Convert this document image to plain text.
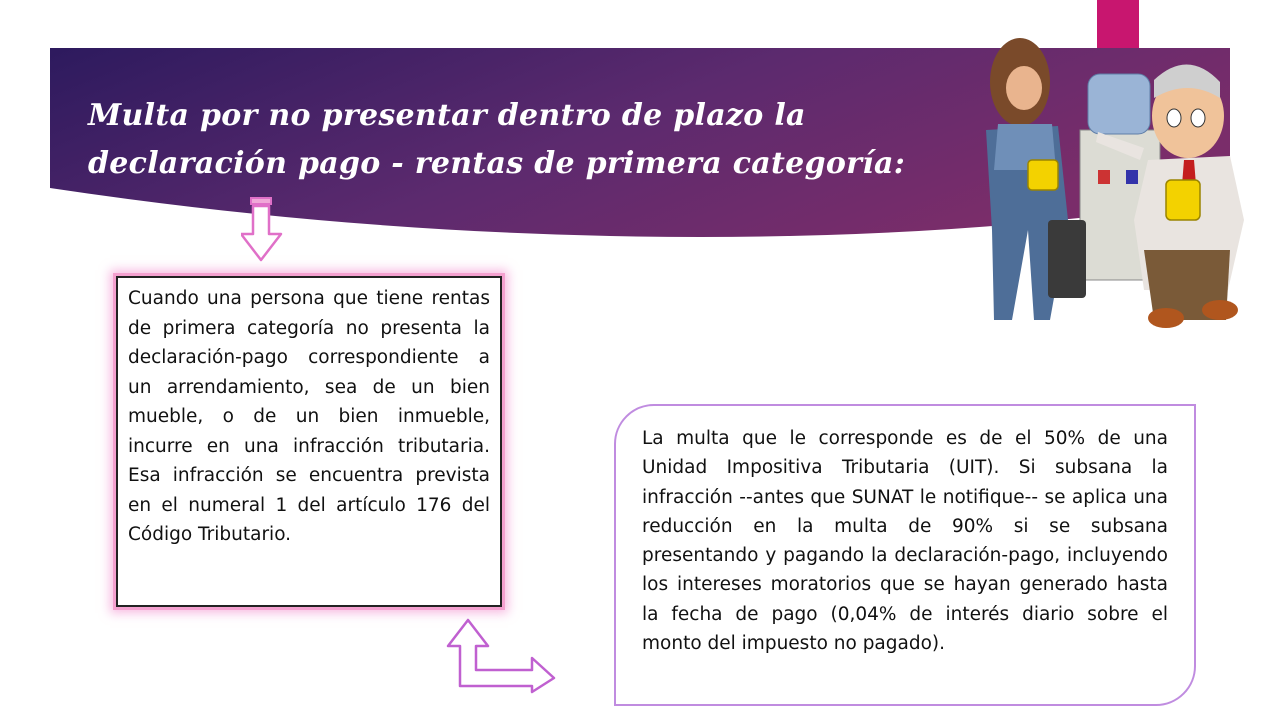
Multa por no presentar dentro de plazo la declaración pago - rentas de primera categoría:
Cuando una persona que tiene rentas de primera categoría no presenta la declaración-pago correspondiente a un arrendamiento, sea de un bien mueble, o de un bien inmueble, incurre en una infracción tributaria. Esa infracción se encuentra prevista en el numeral 1 del artículo 176 del Código Tributario.
La multa que le corresponde es de el 50% de una Unidad Impositiva Tributaria (UIT). Si subsana la infracción --antes que SUNAT le notifique-- se aplica una reducción en la multa de 90% si se subsana presentando y pagando la declaración-pago, incluyendo los intereses moratorios que se hayan generado hasta la fecha de pago (0,04% de interés diario sobre el monto del impuesto no pagado).
